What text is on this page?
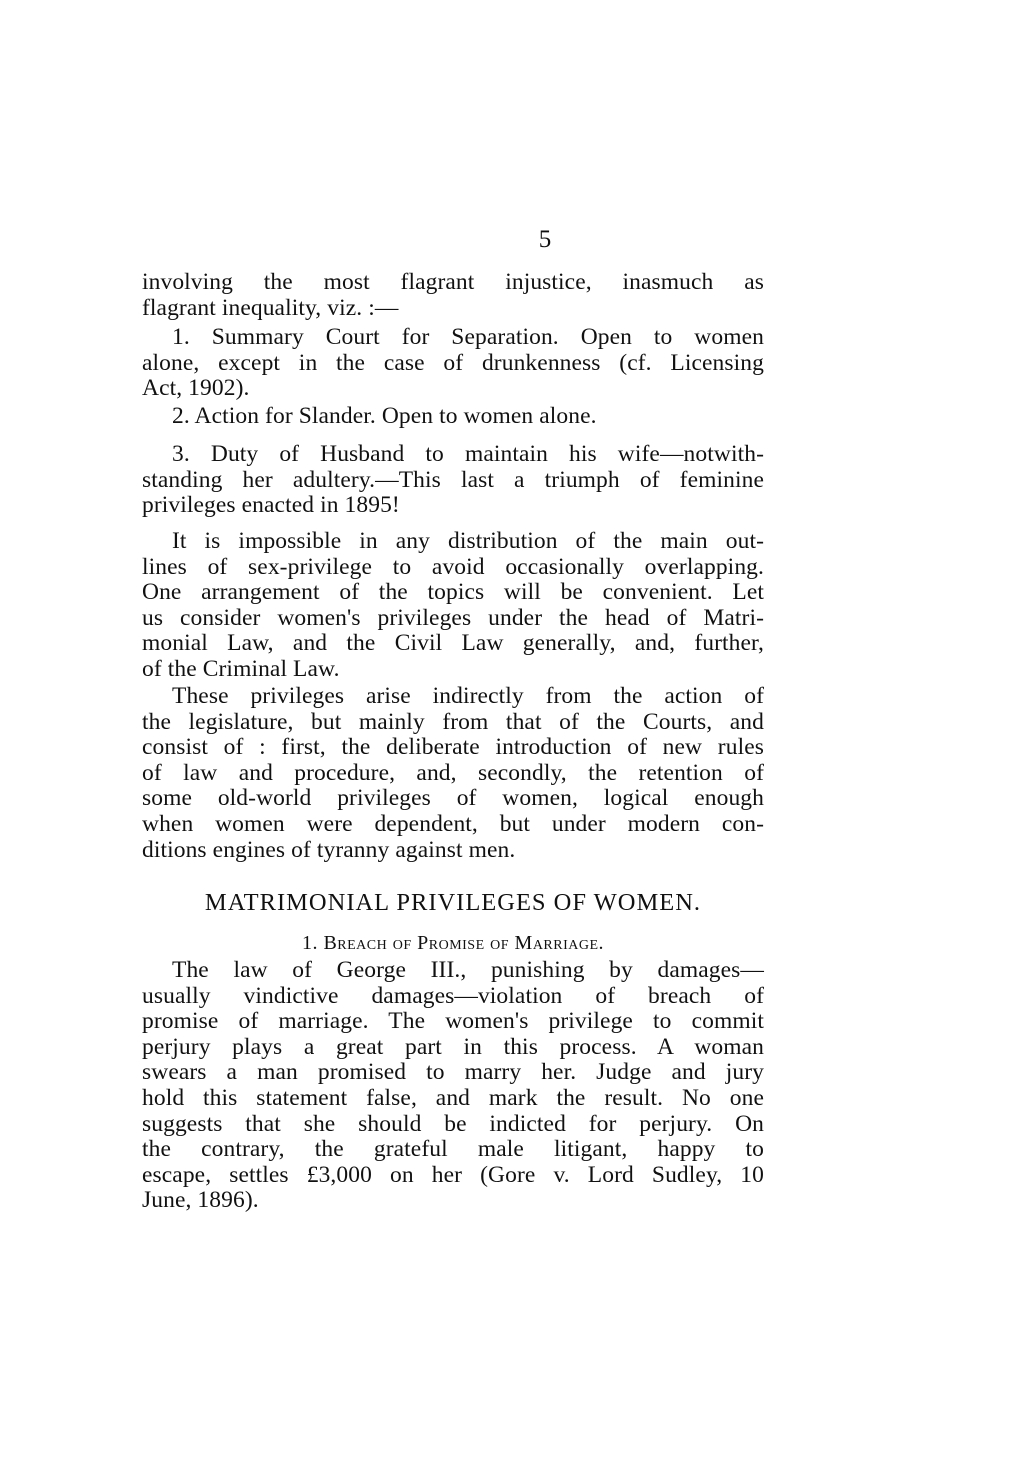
5
involving the most flagrant injustice, inasmuch as
flagrant inequality, viz. :—
1. Summary Court for Separation. Open to women
alone, except in the case of drunkenness (cf. Licensing
Act, 1902).
2. Action for Slander. Open to women alone.
3. Duty of Husband to maintain his wife—notwith-
standing her adultery.—This last a triumph of feminine
privileges enacted in 1895!
It is impossible in any distribution of the main out-
lines of sex-privilege to avoid occasionally overlapping.
One arrangement of the topics will be convenient. Let
us consider women's privileges under the head of Matri-
monial Law, and the Civil Law generally, and, further,
of the Criminal Law.
These privileges arise indirectly from the action of
the legislature, but mainly from that of the Courts, and
consist of : first, the deliberate introduction of new rules
of law and procedure, and, secondly, the retention of
some old-world privileges of women, logical enough
when women were dependent, but under modern con-
ditions engines of tyranny against men.
MATRIMONIAL PRIVILEGES OF WOMEN.
1. Breach of Promise of Marriage.
The law of George III., punishing by damages—
usually vindictive damages—violation of breach of
promise of marriage. The women's privilege to commit
perjury plays a great part in this process. A woman
swears a man promised to marry her. Judge and jury
hold this statement false, and mark the result. No one
suggests that she should be indicted for perjury. On
the contrary, the grateful male litigant, happy to
escape, settles £3,000 on her (Gore v. Lord Sudley, 10
June, 1896).
